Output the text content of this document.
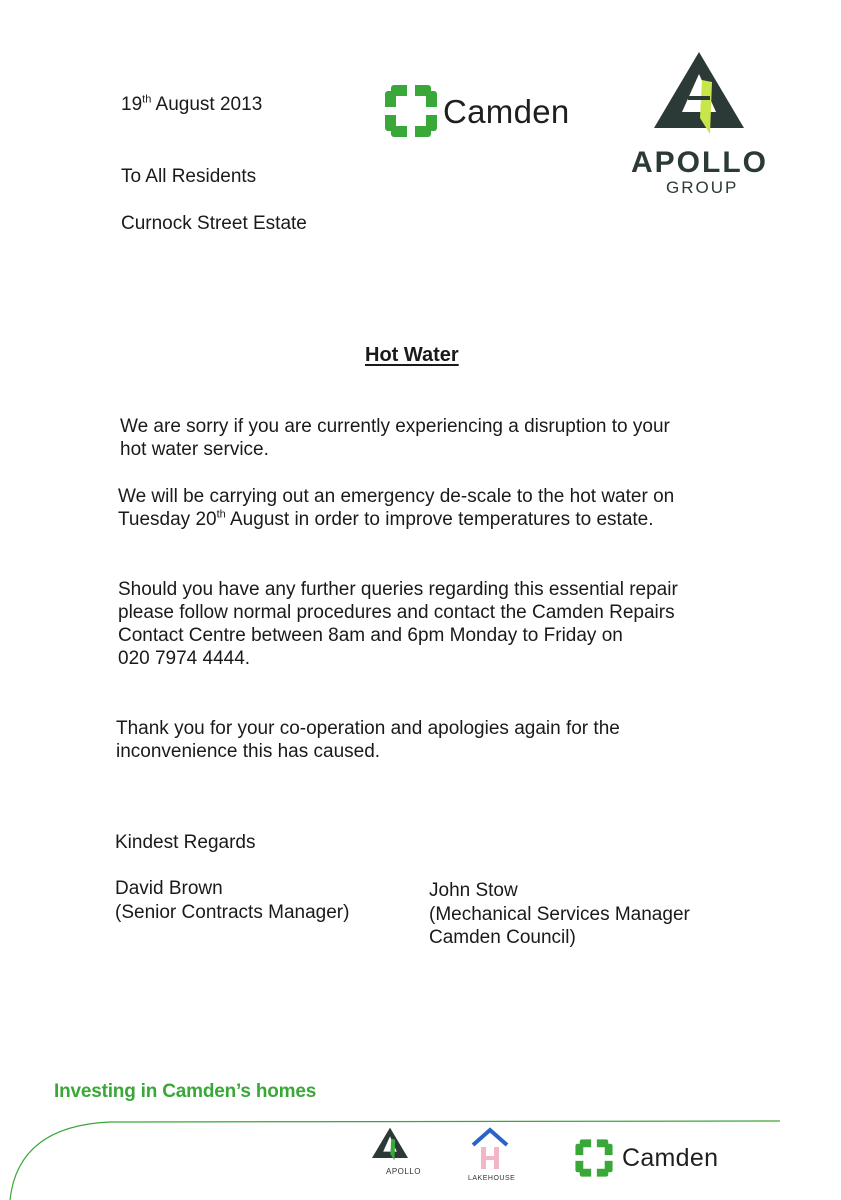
19th August 2013
To All Residents
Curnock Street Estate
Camden
APOLLO
GROUP
Hot Water
We are sorry if you are currently experiencing a disruption to your
hot water service.
We will be carrying out an emergency de-scale to the hot water on
Tuesday 20th August in order to improve temperatures to estate.
Should you have any further queries regarding this essential repair
please follow normal procedures and contact the Camden Repairs
Contact Centre between 8am and 6pm Monday to Friday on
020 7974 4444.
Thank you for your co-operation and apologies again for the
inconvenience this has caused.
Kindest Regards
David Brown
(Senior Contracts Manager)
John Stow
(Mechanical Services Manager
Camden Council)
Investing in Camden’s homes
APOLLO
LAKEHOUSE
Camden
